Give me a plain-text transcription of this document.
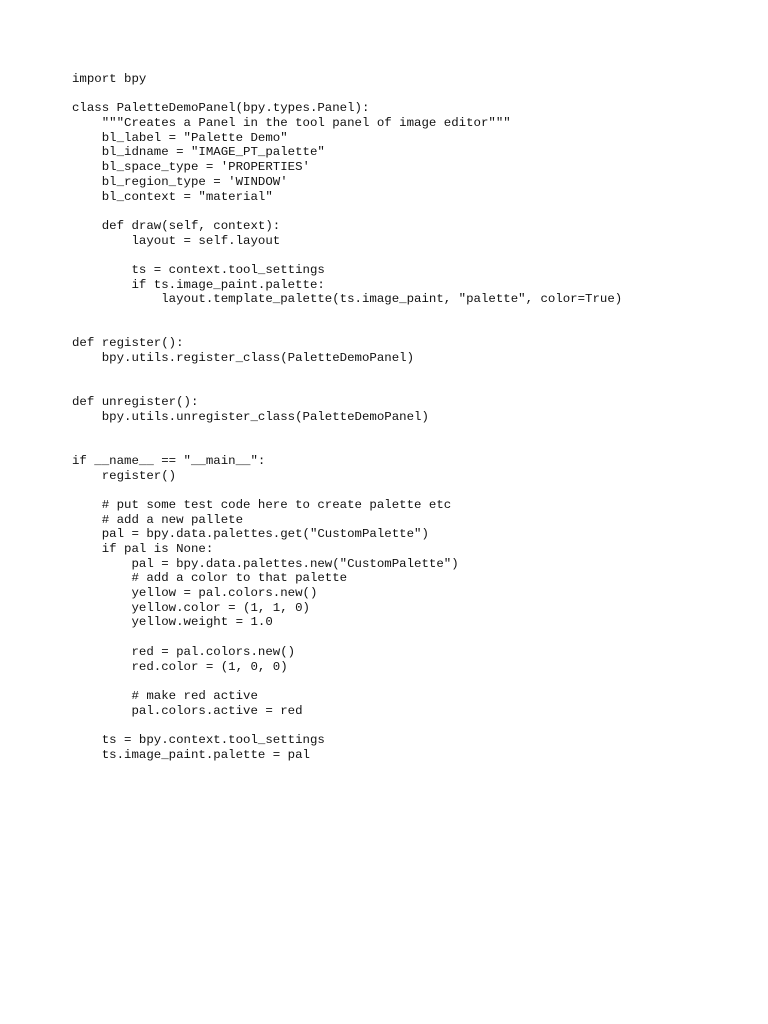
import bpy
class PaletteDemoPanel(bpy.types.Panel):
"""Creates a Panel in the tool panel of image editor"""
bl_label = "Palette Demo"
bl_idname = "IMAGE_PT_palette"
bl_space_type = 'PROPERTIES'
bl_region_type = 'WINDOW'
bl_context = "material"
def draw(self, context):
layout = self.layout
ts = context.tool_settings
if ts.image_paint.palette:
layout.template_palette(ts.image_paint, "palette", color=True)
def register():
bpy.utils.register_class(PaletteDemoPanel)
def unregister():
bpy.utils.unregister_class(PaletteDemoPanel)
if __name__ == "__main__":
register()
# put some test code here to create palette etc
# add a new pallete
pal = bpy.data.palettes.get("CustomPalette")
if pal is None:
pal = bpy.data.palettes.new("CustomPalette")
# add a color to that palette
yellow = pal.colors.new()
yellow.color = (1, 1, 0)
yellow.weight = 1.0
red = pal.colors.new()
red.color = (1, 0, 0)
# make red active
pal.colors.active = red
ts = bpy.context.tool_settings
ts.image_paint.palette = pal
